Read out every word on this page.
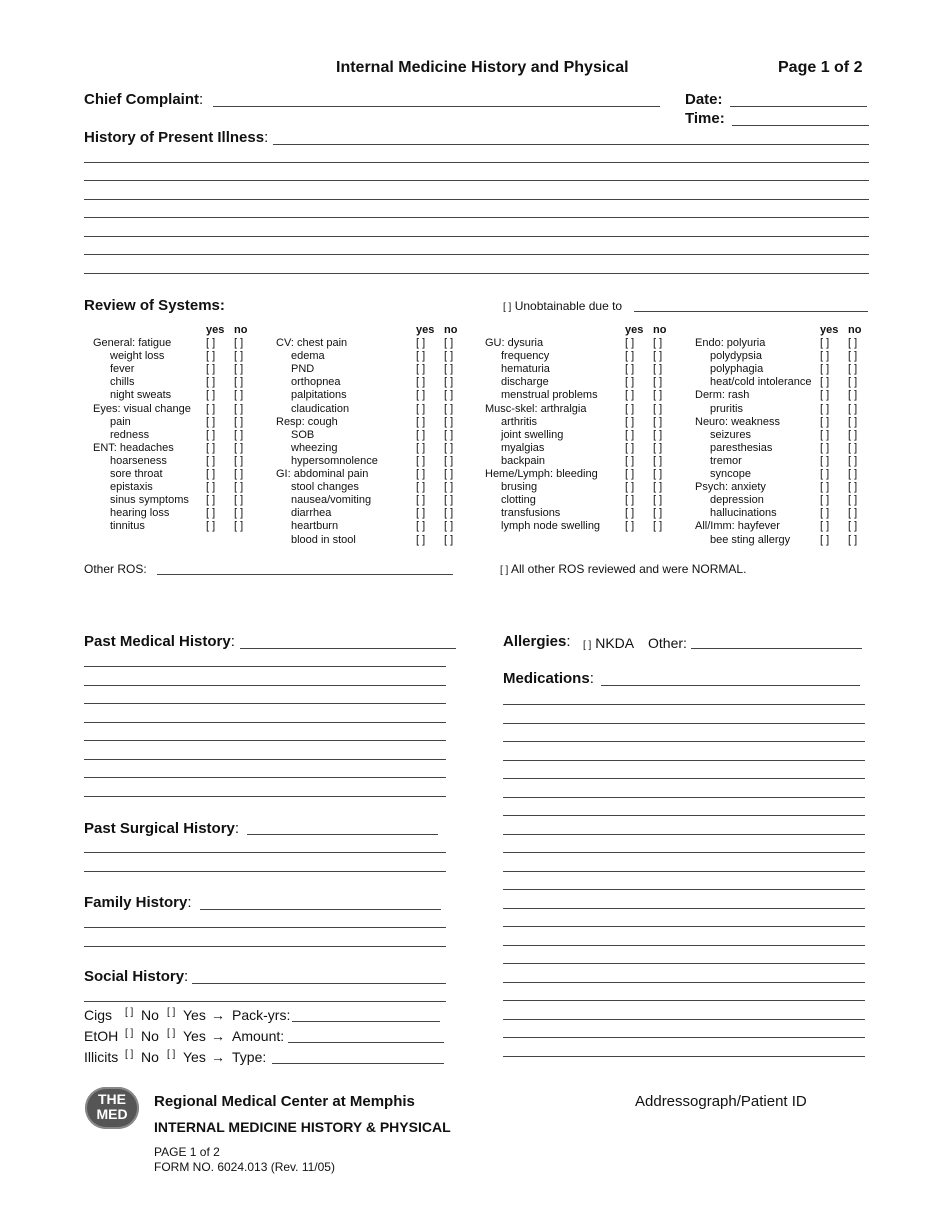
Internal Medicine History and Physical	Page 1 of 2
Chief Complaint:	Date:
Time:
History of Present Illness:
Review of Systems:	[ ] Unobtainable due to
yes no
General: fatigue	[ ] [ ]
weight loss	[ ] [ ]
fever	[ ] [ ]
chills	[ ] [ ]
night sweats	[ ] [ ]
Eyes: visual change [ ] [ ]
pain	[ ] [ ]
redness	[ ] [ ]
ENT: headaches	[ ] [ ]
hoarseness	[ ] [ ]
sore throat	[ ] [ ]
epistaxis	[ ] [ ]
sinus symptoms [ ] [ ]
hearing loss	[ ] [ ]
tinnitus	[ ] [ ]
yes no
CV: chest pain	[ ] [ ]
edema	[ ] [ ]
PND	[ ] [ ]
orthopnea	[ ] [ ]
palpitations	[ ] [ ]
claudication	[ ] [ ]
Resp: cough	[ ] [ ]
SOB	[ ] [ ]
wheezing	[ ] [ ]
hypersomnolence	[ ] [ ]
GI: abdominal pain	[ ] [ ]
stool changes	[ ] [ ]
nausea/vomiting	[ ] [ ]
diarrhea	[ ] [ ]
heartburn	[ ] [ ]
blood in stool	[ ] [ ]
yes no
GU: dysuria	[ ] [ ]
frequency	[ ] [ ]
hematuria	[ ] [ ]
discharge	[ ] [ ]
menstrual problems [ ] [ ]
Musc-skel: arthralgia	[ ] [ ]
arthritis	[ ] [ ]
joint swelling	[ ] [ ]
myalgias	[ ] [ ]
backpain	[ ] [ ]
Heme/Lymph: bleeding [ ] [ ]
brusing	[ ] [ ]
clotting	[ ] [ ]
transfusions	[ ] [ ]
lymph node swelling [ ] [ ]
yes no
Endo: polyuria	[ ] [ ]
polydypsia	[ ] [ ]
polyphagia	[ ] [ ]
heat/cold intolerance [ ] [ ]
Derm: rash	[ ] [ ]
pruritis	[ ] [ ]
Neuro: weakness	[ ] [ ]
seizures	[ ] [ ]
paresthesias	[ ] [ ]
tremor	[ ] [ ]
syncope	[ ] [ ]
Psych: anxiety	[ ] [ ]
depression	[ ] [ ]
hallucinations	[ ] [ ]
All/Imm: hayfever	[ ] [ ]
bee sting allergy	[ ] [ ]
Other ROS:	[ ] All other ROS reviewed and were NORMAL.
Past Medical History:
Past Surgical History:
Family History:
Social History:
Cigs [ ] No [ ] Yes → Pack-yrs:
EtOH [ ] No [ ] Yes → Amount:
Illicits [ ] No [ ] Yes → Type:
Allergies: [ ] NKDA Other:
Medications:
THE
MED
Regional Medical Center at Memphis
INTERNAL MEDICINE HISTORY & PHYSICAL
PAGE 1 of 2
FORM NO. 6024.013 (Rev. 11/05)
Addressograph/Patient ID
